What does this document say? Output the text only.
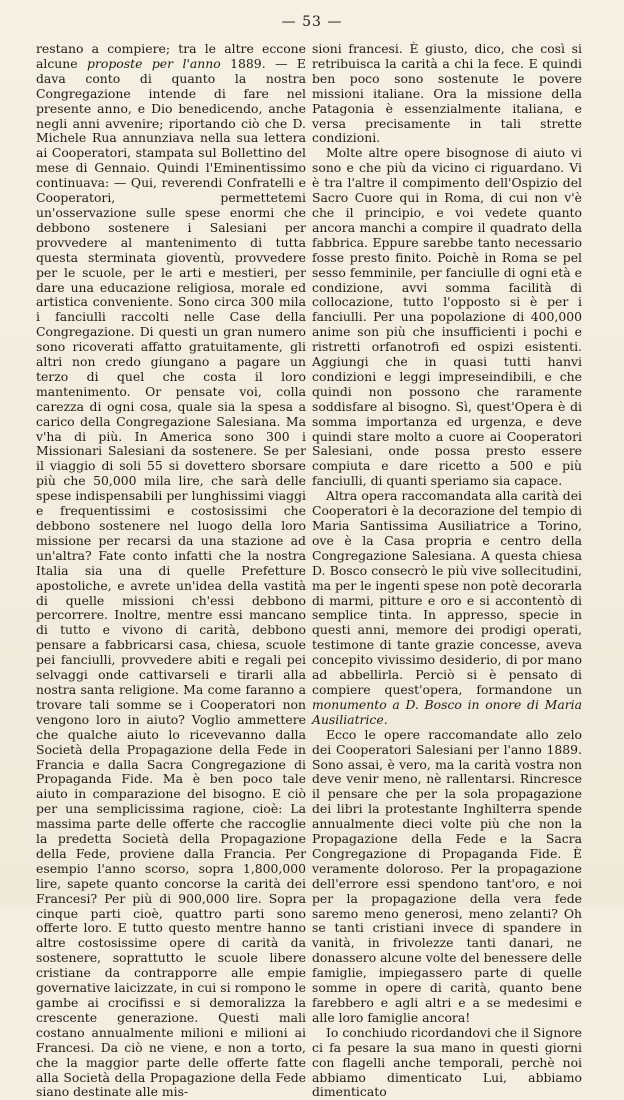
— 53 —

restano a compiere; tra le altre eccone alcune proposte per l'anno 1889. — E dava conto di quanto la nostra Congregazione intende di fare nel presente anno, e Dio benedicendo, anche negli anni avvenire; riportando ciò che D. Michele Rua annunziava nella sua lettera ai Cooperatori, stampata sul Bollettino del mese di Gennaio. Quindi l'Eminentissimo continuava: — Qui, reverendi Confratelli e Cooperatori, permettetemi un'osservazione sulle spese enormi che debbono sostenere i Salesiani per provvedere al mantenimento di tutta questa sterminata gioventù, provvedere per le scuole, per le arti e mestieri, per dare una educazione religiosa, morale ed artistica conveniente. Sono circa 300 mila i fanciulli raccolti nelle Case della Congregazione. Di questi un gran numero sono ricoverati affatto gratuitamente, gli altri non credo giungano a pagare un terzo di quel che costa il loro mantenimento. Or pensate voi, colla carezza di ogni cosa, quale sia la spesa a carico della Congregazione Salesiana. Ma v'ha di più. In America sono 300 i Missionari Salesiani da sostenere. Se per il viaggio di soli 55 si dovettero sborsare più che 50,000 mila lire, che sarà delle spese indispensabili per lunghissimi viaggi e frequentissimi e costosissimi che debbono sostenere nel luogo della loro missione per recarsi da una stazione ad un'altra? Fate conto infatti che la nostra Italia sia una di quelle Prefetture apostoliche, e avrete un'idea della vastità di quelle missioni ch'essi debbono percorrere. Inoltre, mentre essi mancano di tutto e vivono di carità, debbono pensare a fabbricarsi casa, chiesa, scuole pei fanciulli, provvedere abiti e regali pei selvaggi onde cattivarseli e tirarli alla nostra santa religione. Ma come faranno a trovare tali somme se i Cooperatori non vengono loro in aiuto? Voglio ammettere che qualche aiuto lo ricevevanno dalla Società della Propagazione della Fede in Francia e dalla Sacra Congregazione di Propaganda Fide. Ma è ben poco tale aiuto in comparazione del bisogno. E ciò per una semplicissima ragione, cioè: La massima parte delle offerte che raccoglie la predetta Società della Propagazione della Fede, proviene dalla Francia. Per esempio l'anno scorso, sopra 1,800,000 lire, sapete quanto concorse la carità dei Francesi? Per più di 900,000 lire. Sopra cinque parti cioè, quattro parti sono offerte loro. E tutto questo mentre hanno altre costosissime opere di carità da sostenere, soprattutto le scuole libere cristiane da contrapporre alle empie governative laicizzate, in cui si rompono le gambe ai crocifissi e si demoralizza la crescente generazione. Questi mali costano annualmente milioni e milioni ai Francesi. Da ciò ne viene, e non a torto, che la maggior parte delle offerte fatte alla Società della Propagazione della Fede siano destinate alle mis-

sioni francesi. È giusto, dico, che così si retribuisca la carità a chi la fece. E quindi ben poco sono sostenute le povere missioni italiane. Ora la missione della Patagonia è essenzialmente italiana, e versa precisamente in tali strette condizioni.

Molte altre opere bisognose di aiuto vi sono e che più da vicino ci riguardano. Vi è tra l'altre il compimento dell'Ospizio del Sacro Cuore qui in Roma, di cui non v'è che il principio, e voi vedete quanto ancora manchi a compire il quadrato della fabbrica. Eppure sarebbe tanto necessario fosse presto finito. Poichè in Roma se pel sesso femminile, per fanciulle di ogni età e condizione, avvi somma facilità di collocazione, tutto l'opposto si è per i fanciulli. Per una popolazione di 400,000 anime son più che insufficienti i pochi e ristretti orfanotrofi ed ospizi esistenti. Aggiungi che in quasi tutti hanvi condizioni e leggi impreseindibili, e che quindi non possono che raramente soddisfare al bisogno. Sì, quest'Opera è di somma importanza ed urgenza, e deve quindi stare molto a cuore ai Cooperatori Salesiani, onde possa presto essere compiuta e dare ricetto a 500 e più fanciulli, di quanti speriamo sia capace.

Altra opera raccomandata alla carità dei Cooperatori è la decorazione del tempio di Maria Santissima Ausiliatrice a Torino, ove è la Casa propria e centro della Congregazione Salesiana. A questa chiesa D. Bosco consecrò le più vive sollecitudini, ma per le ingenti spese non potè decorarla di marmi, pitture e oro e si accontentò di semplice tinta. In appresso, specie in questi anni, memore dei prodigi operati, testimone di tante grazie concesse, aveva concepito vivissimo desiderio, di por mano ad abbellirla. Perciò si è pensato di compiere quest'opera, formandone un monumento a D. Bosco in onore di Maria Ausiliatrice.

Ecco le opere raccomandate allo zelo dei Cooperatori Salesiani per l'anno 1889. Sono assai, è vero, ma la carità vostra non deve venir meno, nè rallentarsi. Rincresce il pensare che per la sola propagazione dei libri la protestante Inghilterra spende annualmente dieci volte più che non la Propagazione della Fede e la Sacra Congregazione di Propaganda Fide. È veramente doloroso. Per la propagazione dell'errore essi spendono tant'oro, e noi per la propagazione della vera fede saremo meno generosi, meno zelanti? Oh se tanti cristiani invece di spandere in vanità, in frivolezze tanti danari, ne donassero alcune volte del benessere delle famiglie, impiegassero parte di quelle somme in opere di carità, quanto bene farebbero e agli altri e a se medesimi e alle loro famiglie ancora!

Io conchiudo ricordandovi che il Signore ci fa pesare la sua mano in questi giorni con flagelli anche temporali, perchè noi abbiamo dimenticato Lui, abbiamo dimenticato
